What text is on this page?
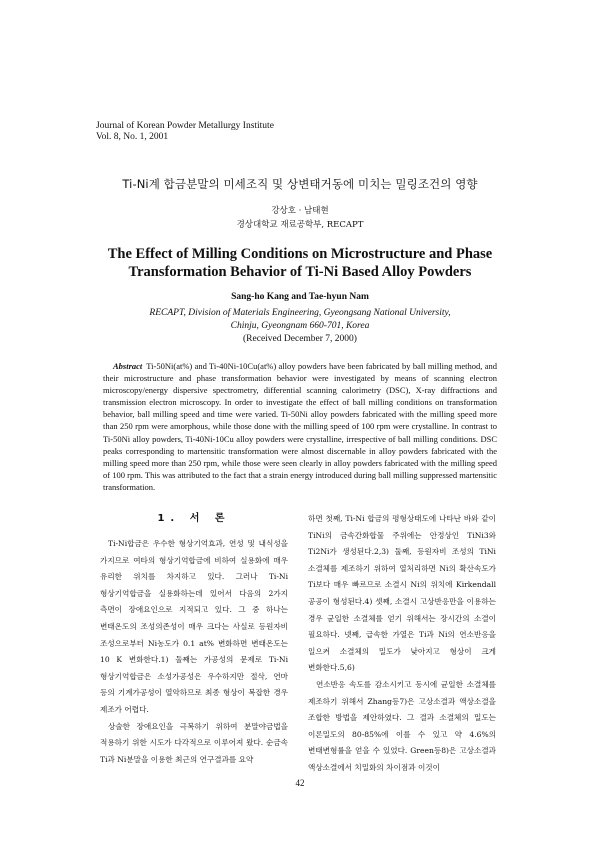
Journal of Korean Powder Metallurgy Institute
Vol. 8, No. 1, 2001
Ti-Ni계 합금분말의 미세조직 및 상변태거동에 미치는 밀링조건의 영향
강상호 · 남태현
경상대학교 재료공학부, RECAPT
The Effect of Milling Conditions on Microstructure and Phase
Transformation Behavior of Ti-Ni Based Alloy Powders
Sang-ho Kang and Tae-hyun Nam
RECAPT, Division of Materials Engineering, Gyeongsang National University,
Chinju, Gyeongnam 660-701, Korea
(Received December 7, 2000)
Abstract Ti-50Ni(at%) and Ti-40Ni-10Cu(at%) alloy powders have been fabricated by ball milling method, and their microstructure and phase transformation behavior were investigated by means of scanning electron microscopy/energy dispersive spectrometry, differential scanning calorimetry (DSC), X-ray diffractions and transmission electron microscopy. In order to investigate the effect of ball milling conditions on transformation behavior, ball milling speed and time were varied. Ti-50Ni alloy powders fabricated with the milling speed more than 250 rpm were amorphous, while those done with the milling speed of 100 rpm were crystalline. In contrast to Ti-50Ni alloy powders, Ti-40Ni-10Cu alloy powders were crystalline, irrespective of ball milling conditions. DSC peaks corresponding to martensitic transformation were almost discernable in alloy powders fabricated with the milling speed more than 250 rpm, while those were seen clearly in alloy powders fabricated with the milling speed of 100 rpm. This was attributed to the fact that a strain energy introduced during ball milling suppressed martensitic transformation.
1. 서 론

Ti-Ni합금은 우수한 형상기억효과, 연성 및 내식성을 가지므로 여타의 형상기억합금에 비하여 실용화에 매우 유리한 위치를 차지하고 있다. 그러나 Ti-Ni 형상기억합금을 실용화하는데 있어서 다음의 2가지 측면이 장애요인으로 지적되고 있다. 그 중 하나는 변태온도의 조성의존성이 매우 크다는 사실로 등원자비 조성으로부터 Ni농도가 0.1 at% 변화하면 변태온도는 10 K 변화한다.1) 둘째는 가공성의 문제로 Ti-Ni 형상기억합금은 소성가공성은 우수하지만 절삭, 연마 등의 기계가공성이 열악하므로 최종 형상이 복잡한 경우 제조가 어렵다.

상술한 장애요인을 극복하기 위하여 분말야금법을 적용하기 위한 시도가 다각적으로 이루어져 왔다. 순금속 Ti과 Ni분말을 이용한 최근의 연구결과를 요약

하면 첫째, Ti-Ni 합금의 평형상태도에 나타난 바와 같이 TiNi의 금속간화합물 주위에는 안정상인 TiNi3와 Ti2Ni가 생성된다.2,3) 둘째, 등원자비 조성의 TiNi 소결체를 제조하기 위하여 열처리하면 Ni의 확산속도가 Ti보다 매우 빠르므로 소결시 Ni의 위치에 Kirkendall 공공이 형성된다.4) 셋째, 소결시 고상반응만을 이용하는 경우 균일한 소결체를 얻기 위해서는 장시간의 소결이 필요하다. 넷째, 급속한 가열은 Ti과 Ni의 연소반응을 일으켜 소결체의 밀도가 낮아지고 형상이 크게 변화한다.5,6)

연소반응 속도를 감소시키고 동시에 균일한 소결체를 제조하기 위해서 Zhang등7)은 고상소결과 액상소결을 조합한 방법을 제안하였다. 그 결과 소결체의 밀도는 이론밀도의 80-85%에 이를 수 있고 약 4.6%의 변태변형률을 얻을 수 있었다. Green등8)은 고상소결과 액상소결에서 치밀화의 차이점과 이것이

42
